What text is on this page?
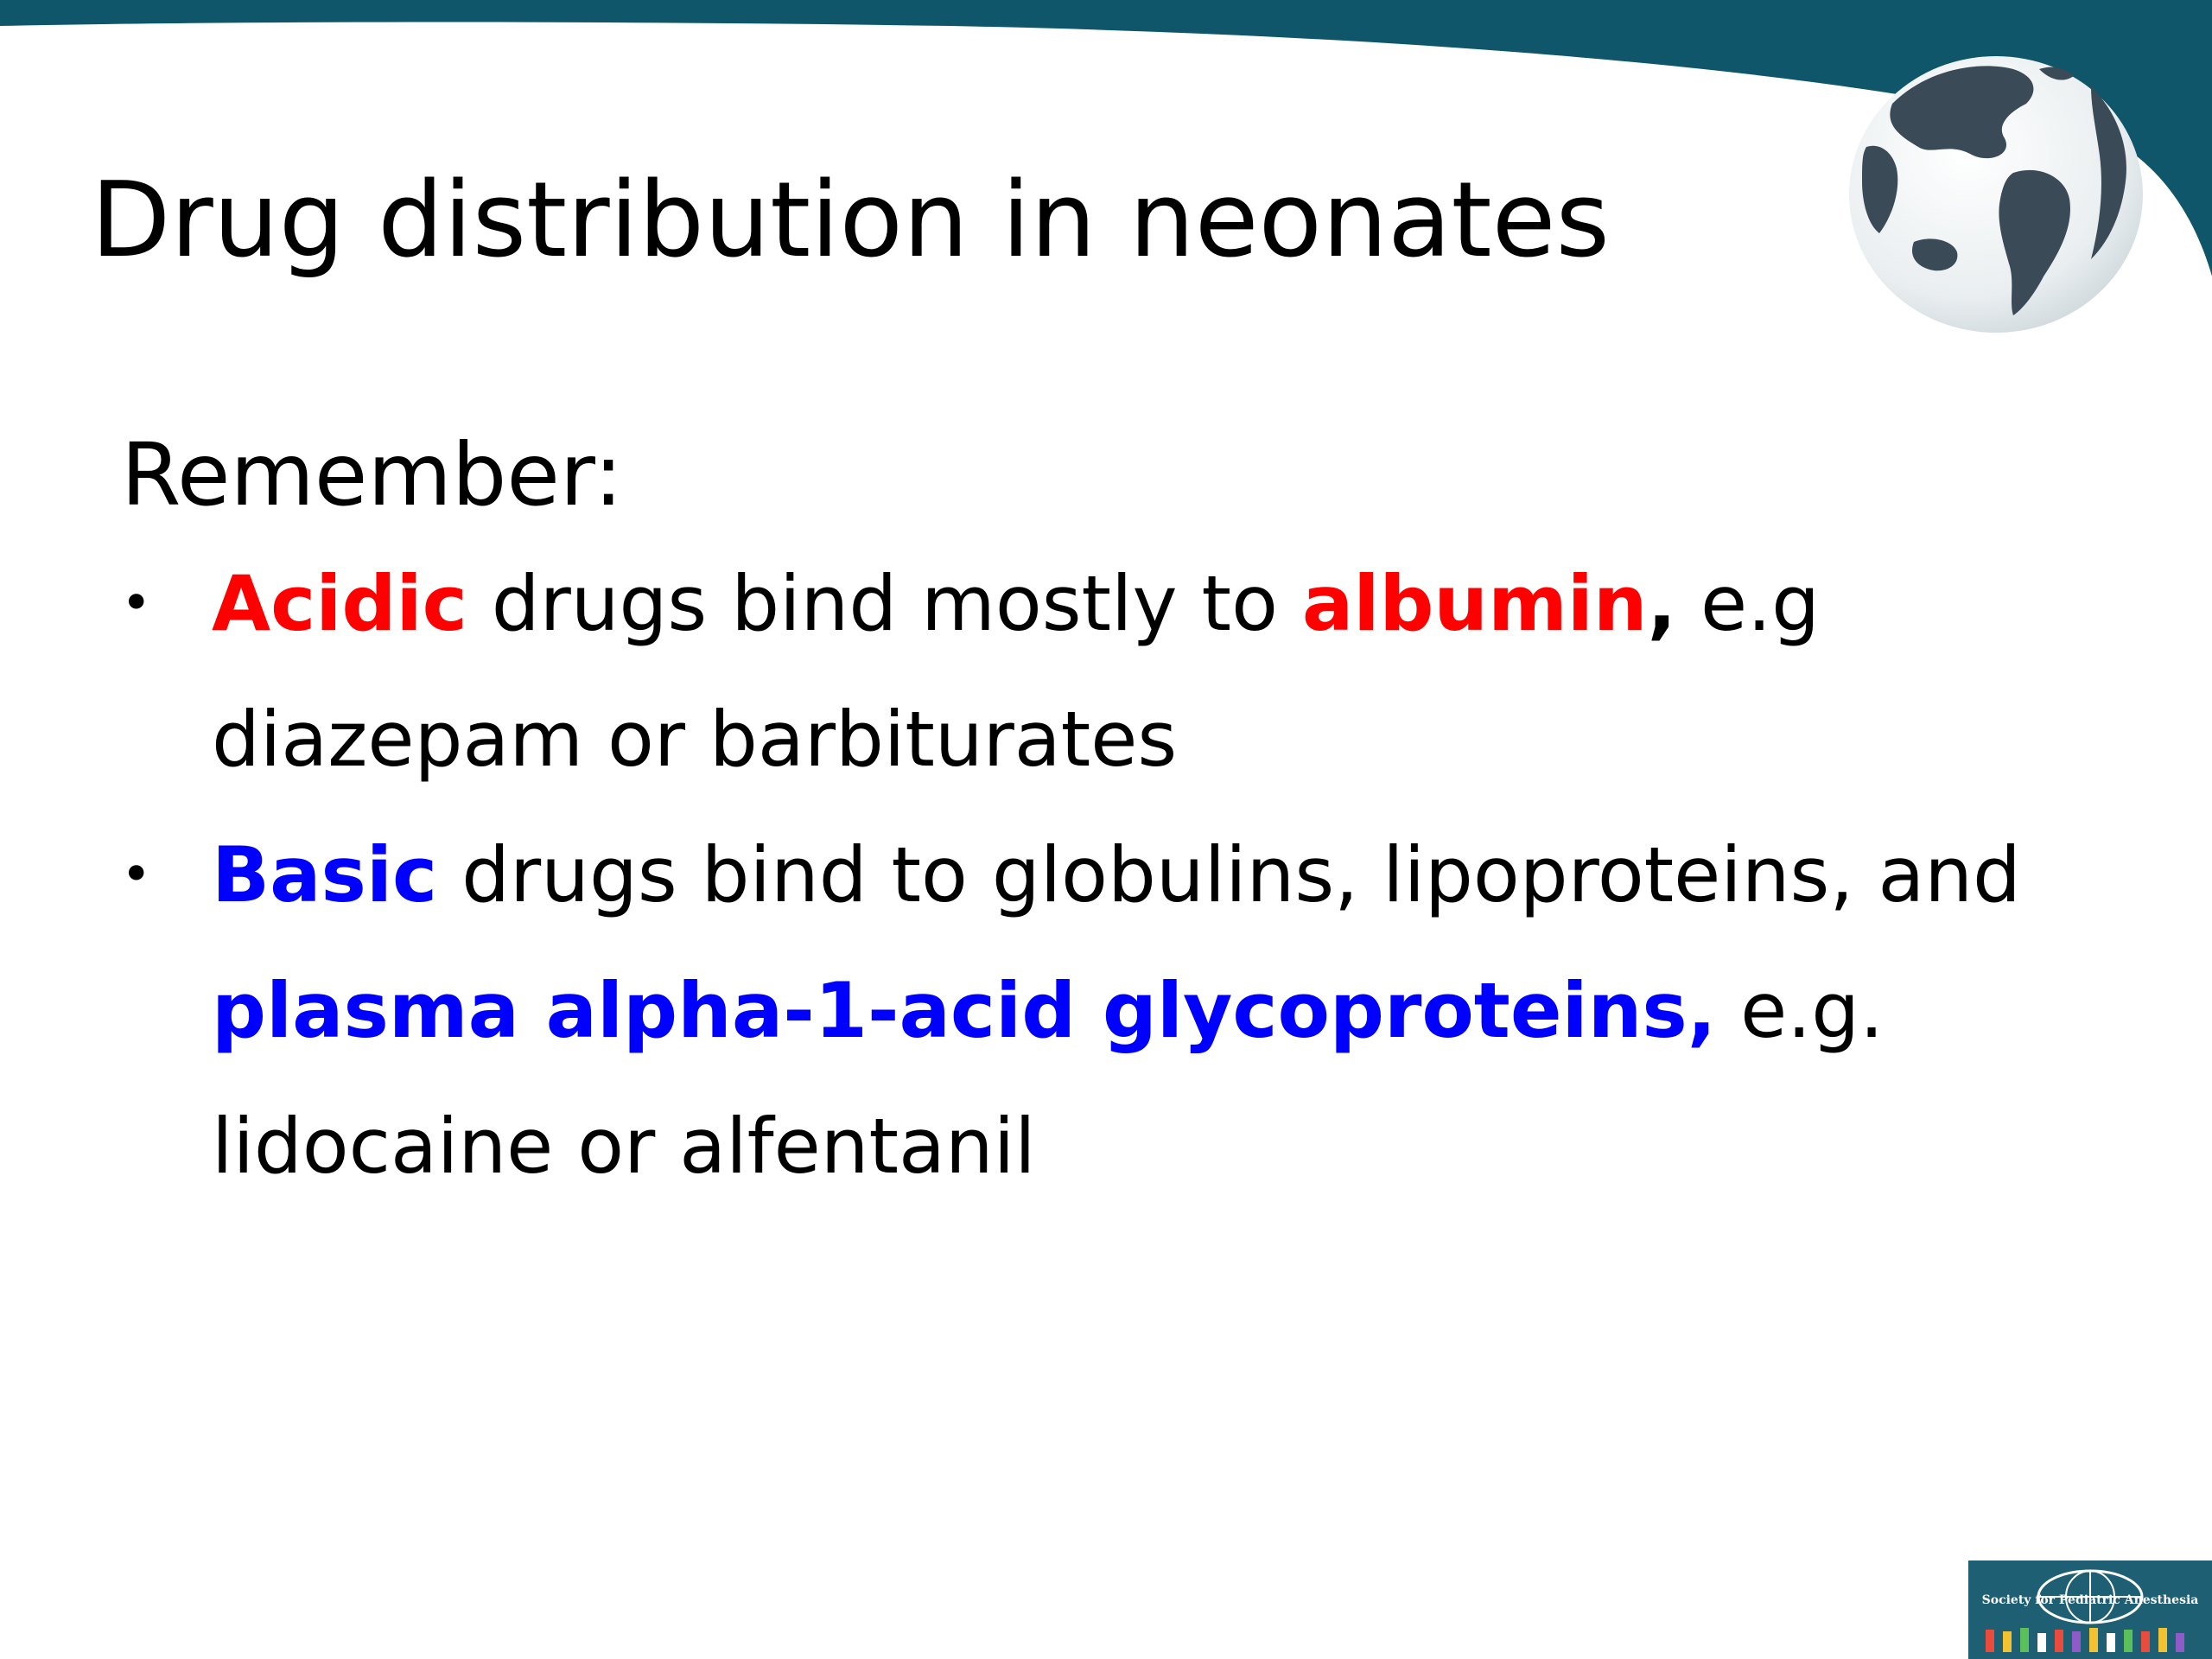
Drug distribution in neonates

Remember:

• Acidic drugs bind mostly to albumin, e.g diazepam or barbiturates
• Basic drugs bind to globulins, lipoproteins, and plasma alpha-1-acid glycoproteins, e.g. lidocaine or alfentanil
Society for Pediatric Anesthesia
